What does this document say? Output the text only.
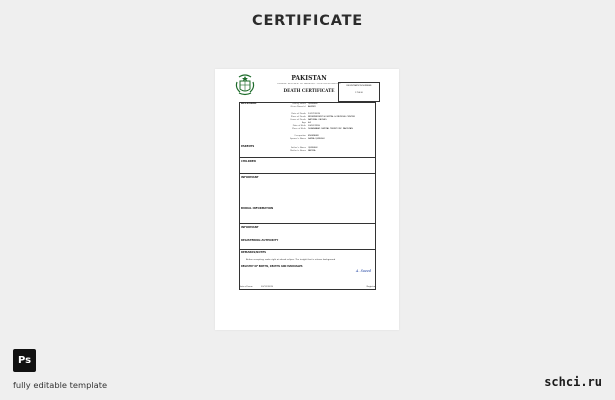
CERTIFICATE
PAKISTAN
ISLAMIC REPUBLIC OF PAKISTAN · CIVIL REGISTRATION
DEATH CERTIFICATE
REGISTRATION NUMBER
175430
DECEASED	Family Name QURESHI
Given Name(s) AHMED
Date of Death 12/07/2019
Place of Death INDEPENDENT HOSPITAL & MEDICAL CENTER
Cause of Death NATURAL CAUSES
Age 64
Date of Birth 03/02/1955
Place of Birth ISLAMABAD CAPITAL TERRITORY, PAKISTAN
Occupation ENGINEER
Spouse's Name SADIA QURESHI
PARENTS	Father's Name QURESHI
Mother's Name FATIMA
CHILDREN
INFORMANT
BURIAL INFORMATION
INFORMANT
REGISTERING AUTHORITY
REMARKS/NOTES
Before accepting, make right at ahead eclipse. The insight that is release background
REGISTRY OF BIRTHS, DEATHS AND MARRIAGES
A. Saeed
Date of Issue	20/12/2019	Registrar
Ps
fully editable template	schci.ru
